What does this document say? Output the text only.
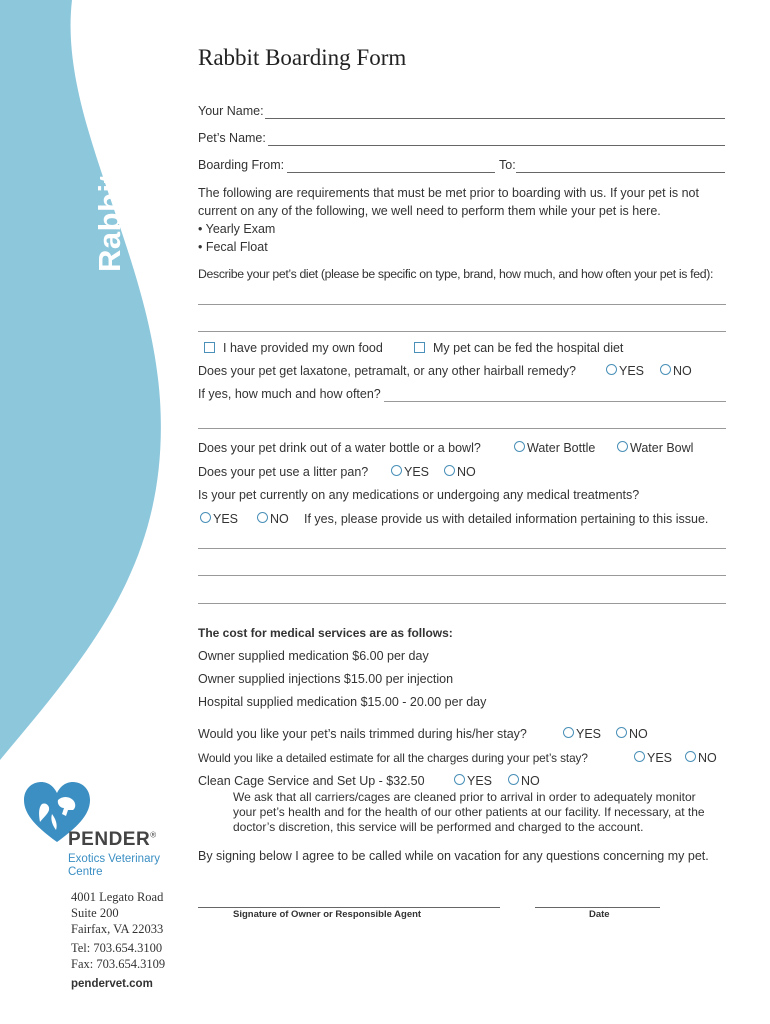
Rabbit Boarding	Rabbit Boarding Form
Your Name:
Pet’s Name:
Boarding From:	To:
The following are requirements that must be met prior to boarding with us. If your pet is not
current on any of the following, we well need to perform them while your pet is here.
• Yearly Exam
• Fecal Float
Describe your pet’s diet (please be specific on type, brand, how much, and how often your pet is fed):
I have provided my own food	My pet can be fed the hospital diet
Does your pet get laxatone, petramalt, or any other hairball remedy?	YES	NO
If yes, how much and how often?
Does your pet drink out of a water bottle or a bowl?	Water Bottle	Water Bowl
Does your pet use a litter pan?	YES	NO
Is your pet currently on any medications or undergoing any medical treatments?
YES	NO If yes, please provide us with detailed information pertaining to this issue.
The cost for medical services are as follows:
Owner supplied medication $6.00 per day
Owner supplied injections $15.00 per injection
Hospital supplied medication $15.00 - 20.00 per day
Would you like your pet’s nails trimmed during his/her stay?	YES	NO
Would you like a detailed estimate for all the charges during your pet’s stay?	YES	NO
Clean Cage Service and Set Up - $32.50	YES	NO
We ask that all carriers/cages are cleaned prior to arrival in order to adequately monitor
your pet’s health and for the health of our other patients at our facility. If necessary, at the
doctor’s discretion, this service will be performed and charged to the account.
By signing below I agree to be called while on vacation for any questions concerning my pet.
Signature of Owner or Responsible Agent	Date
PENDER®
Exotics Veterinary
Centre
4001 Legato Road
Suite 200
Fairfax, VA 22033
Tel: 703.654.3100
Fax: 703.654.3109
pendervet.com
